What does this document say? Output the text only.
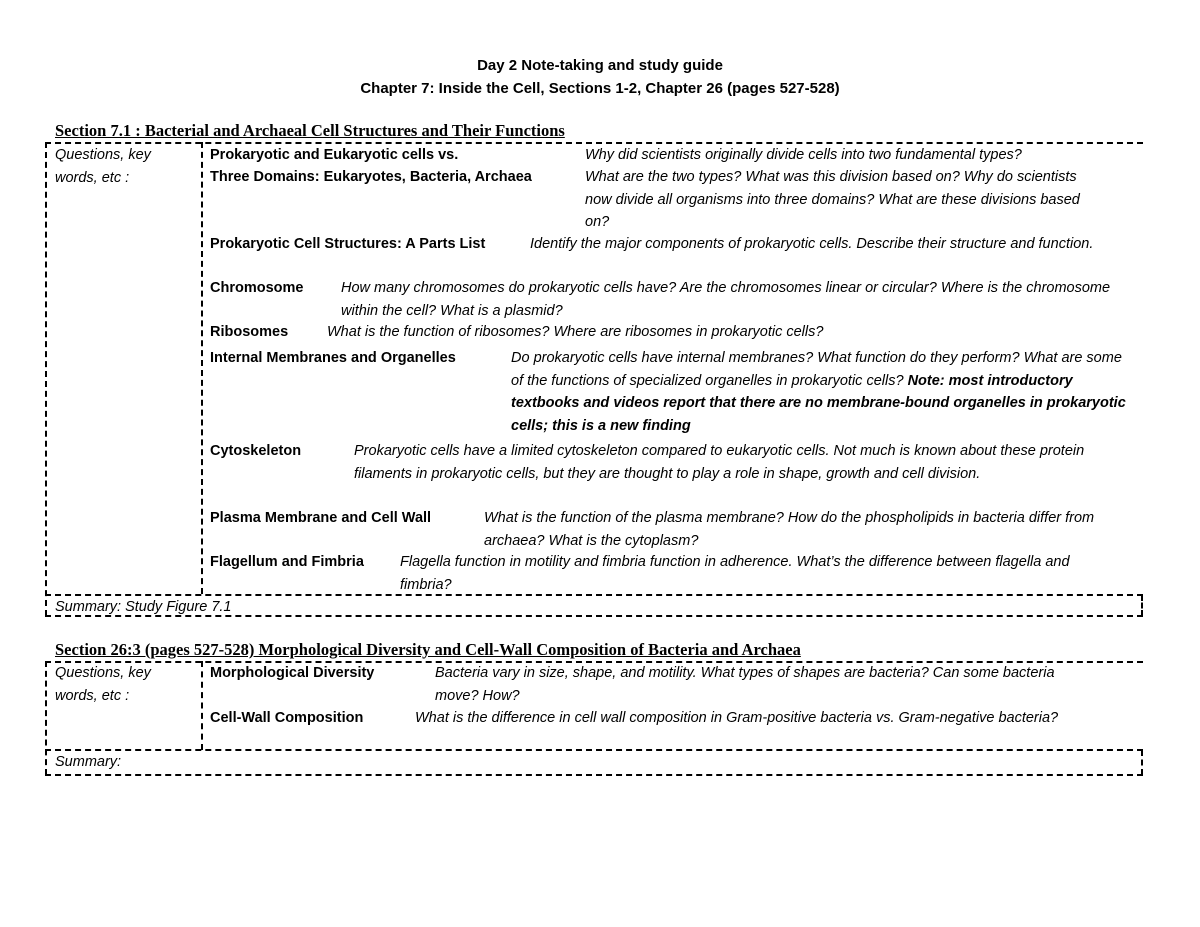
Day 2 Note-taking and study guide
Chapter 7: Inside the Cell, Sections 1-2, Chapter 26 (pages 527-528)
Section 7.1 : Bacterial and Archaeal Cell Structures and Their Functions
Questions, key words, etc :
Prokaryotic and Eukaryotic cells vs.	Why did scientists originally divide cells into two fundamental types?
Three Domains: Eukaryotes, Bacteria, Archaea	What are the two types? What was this division based on? Why do scientists now divide all organisms into three domains? What are these divisions based on?
Prokaryotic Cell Structures: A Parts List	Identify the major components of prokaryotic cells. Describe their structure and function.
Chromosome	How many chromosomes do prokaryotic cells have? Are the chromosomes linear or circular? Where is the chromosome within the cell? What is a plasmid?
Ribosomes	What is the function of ribosomes? Where are ribosomes in prokaryotic cells?
Internal Membranes and Organelles	Do prokaryotic cells have internal membranes? What function do they perform? What are some of the functions of specialized organelles in prokaryotic cells? Note: most introductory textbooks and videos report that there are no membrane-bound organelles in prokaryotic cells; this is a new finding
Cytoskeleton	Prokaryotic cells have a limited cytoskeleton compared to eukaryotic cells. Not much is known about these protein filaments in prokaryotic cells, but they are thought to play a role in shape, growth and cell division.
Plasma Membrane and Cell Wall	What is the function of the plasma membrane? How do the phospholipids in bacteria differ from archaea? What is the cytoplasm?
Flagellum and Fimbria Flagella function in motility and fimbria function in adherence. What’s the difference between flagella and fimbria?
Summary: Study Figure 7.1
Section 26:3 (pages 527-528) Morphological Diversity and Cell-Wall Composition of Bacteria and Archaea
Questions, key words, etc :
Morphological Diversity	Bacteria vary in size, shape, and motility. What types of shapes are bacteria? Can some bacteria move? How?
Cell-Wall Composition	What is the difference in cell wall composition in Gram-positive bacteria vs. Gram-negative bacteria?
Summary:
